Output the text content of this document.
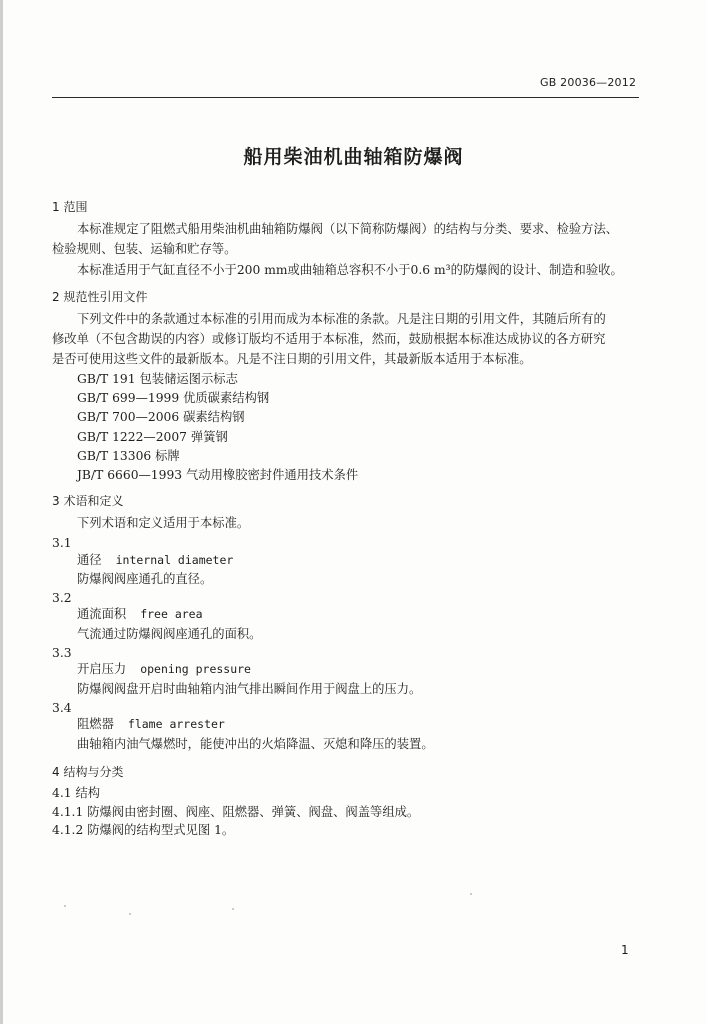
GB 20036—2012
船用柴油机曲轴箱防爆阀
1 范围
本标准规定了阻燃式船用柴油机曲轴箱防爆阀（以下简称防爆阀）的结构与分类、要求、检验方法、
检验规则、包装、运输和贮存等。
本标准适用于气缸直径不小于200 mm或曲轴箱总容积不小于0.6 m³的防爆阀的设计、制造和验收。
2 规范性引用文件
下列文件中的条款通过本标准的引用而成为本标准的条款。凡是注日期的引用文件，其随后所有的
修改单（不包含勘误的内容）或修订版均不适用于本标准，然而，鼓励根据本标准达成协议的各方研究
是否可使用这些文件的最新版本。凡是不注日期的引用文件，其最新版本适用于本标准。
GB/T 191 包装储运图示标志
GB/T 699—1999 优质碳素结构钢
GB/T 700—2006 碳素结构钢
GB/T 1222—2007 弹簧钢
GB/T 13306 标牌
JB/T 6660—1993 气动用橡胶密封件通用技术条件
3 术语和定义
下列术语和定义适用于本标准。
3.1
通径 internal diameter
防爆阀阀座通孔的直径。
3.2
通流面积 free area
气流通过防爆阀阀座通孔的面积。
3.3
开启压力 opening pressure
防爆阀阀盘开启时曲轴箱内油气排出瞬间作用于阀盘上的压力。
3.4
阻燃器 flame arrester
曲轴箱内油气爆燃时，能使冲出的火焰降温、灭熄和降压的装置。
4 结构与分类
4.1 结构
4.1.1 防爆阀由密封圈、阀座、阻燃器、弹簧、阀盘、阀盖等组成。
4.1.2 防爆阀的结构型式见图 1。
1
